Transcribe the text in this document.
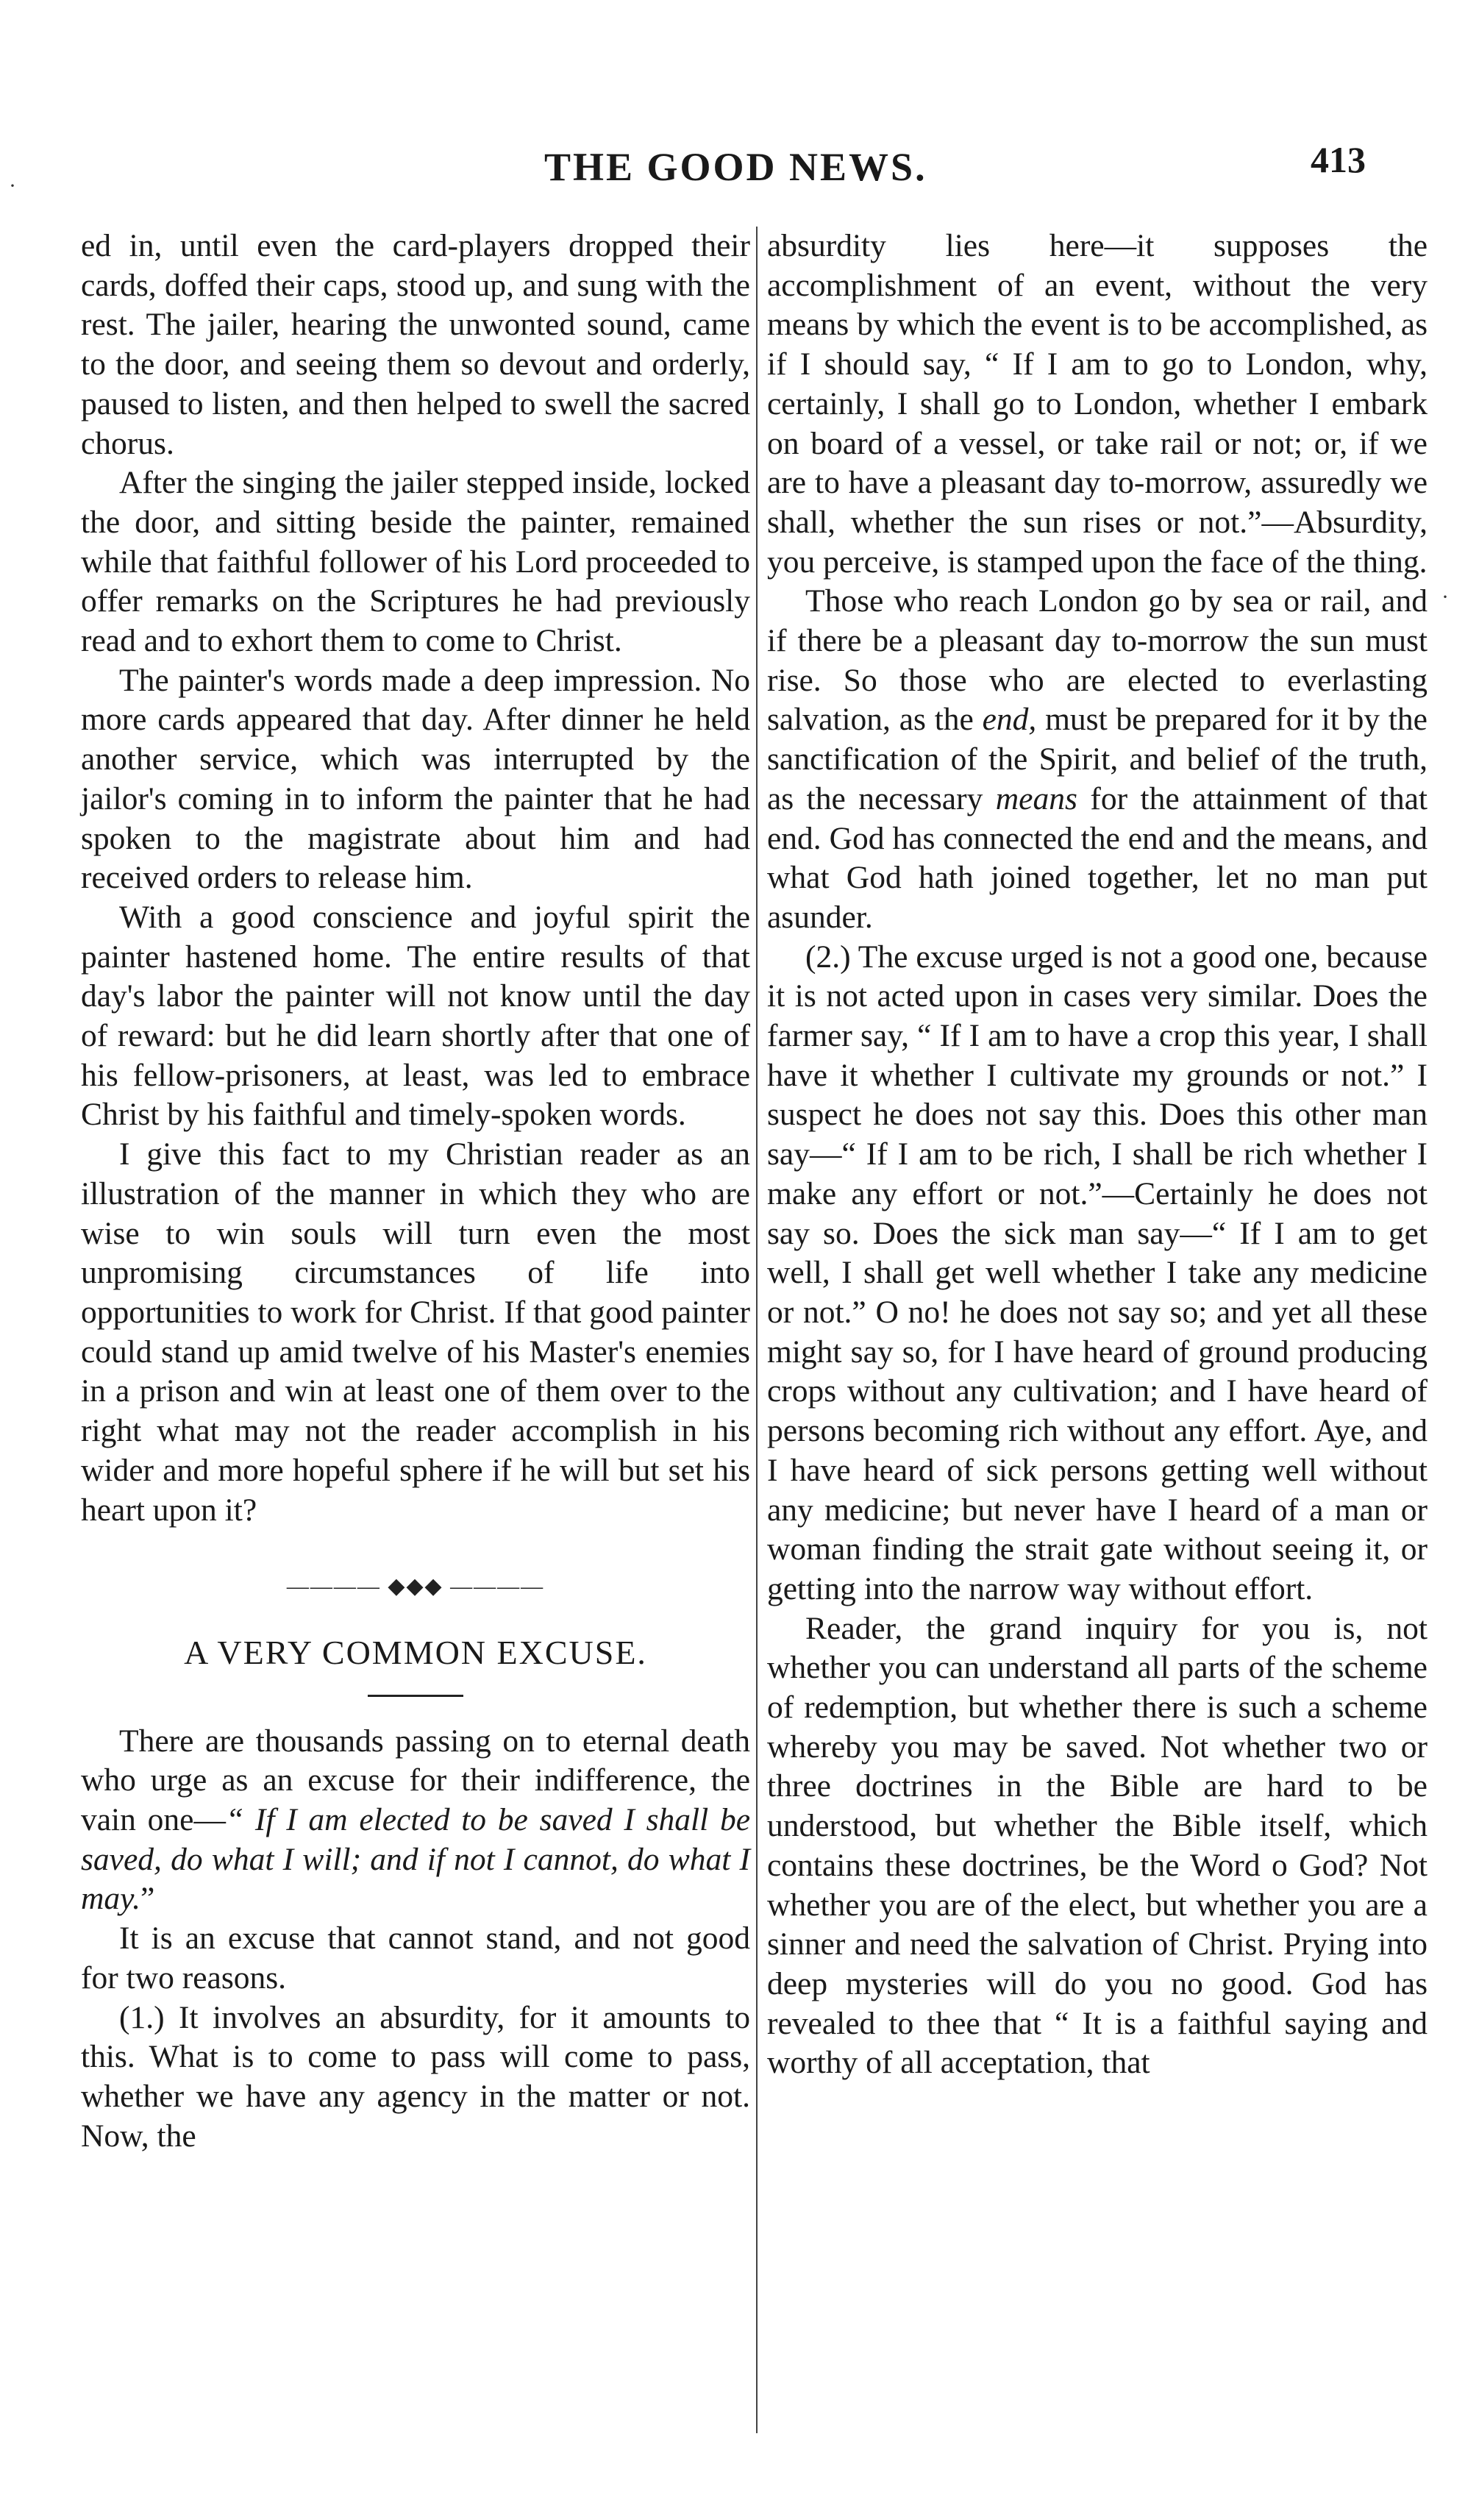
THE GOOD NEWS.	413

ed in, until even the card-players dropped their cards, doffed their caps, stood up, and sung with the rest. The jailer, hearing the unwonted sound, came to the door, and seeing them so devout and orderly, paused to listen, and then helped to swell the sacred chorus.

After the singing the jailer stepped inside, locked the door, and sitting beside the painter, remained while that faithful follower of his Lord proceeded to offer remarks on the Scriptures he had previously read and to exhort them to come to Christ.

The painter's words made a deep impression. No more cards appeared that day. After dinner he held another service, which was interrupted by the jailor's coming in to inform the painter that he had spoken to the magistrate about him and had received orders to release him.

With a good conscience and joyful spirit the painter hastened home. The entire results of that day's labor the painter will not know until the day of reward: but he did learn shortly after that one of his fellow-prisoners, at least, was led to embrace Christ by his faithful and timely-spoken words.

I give this fact to my Christian reader as an illustration of the manner in which they who are wise to win souls will turn even the most unpromising circumstances of life into opportunities to work for Christ. If that good painter could stand up amid twelve of his Master's enemies in a prison and win at least one of them over to the right what may not the reader accomplish in his wider and more hopeful sphere if he will but set his heart upon it?

———— ◆◆◆ ————
A VERY COMMON EXCUSE.

There are thousands passing on to eternal death who urge as an excuse for their indifference, the vain one—“ If I am elected to be saved I shall be saved, do what I will; and if not I cannot, do what I may.”

It is an excuse that cannot stand, and not good for two reasons.

(1.) It involves an absurdity, for it amounts to this. What is to come to pass will come to pass, whether we have any agency in the matter or not. Now, the

absurdity lies here—it supposes the accomplishment of an event, without the very means by which the event is to be accomplished, as if I should say, “ If I am to go to London, why, certainly, I shall go to London, whether I embark on board of a vessel, or take rail or not; or, if we are to have a pleasant day to-morrow, assuredly we shall, whether the sun rises or not.”—Absurdity, you perceive, is stamped upon the face of the thing.

Those who reach London go by sea or rail, and if there be a pleasant day to-morrow the sun must rise. So those who are elected to everlasting salvation, as the end, must be prepared for it by the sanctification of the Spirit, and belief of the truth, as the necessary means for the attainment of that end. God has connected the end and the means, and what God hath joined together, let no man put asunder.

(2.) The excuse urged is not a good one, because it is not acted upon in cases very similar. Does the farmer say, “ If I am to have a crop this year, I shall have it whether I cultivate my grounds or not.” I suspect he does not say this. Does this other man say—“ If I am to be rich, I shall be rich whether I make any effort or not.”—Certainly he does not say so. Does the sick man say—“ If I am to get well, I shall get well whether I take any medicine or not.” O no! he does not say so; and yet all these might say so, for I have heard of ground producing crops without any cultivation; and I have heard of persons becoming rich without any effort. Aye, and I have heard of sick persons getting well without any medicine; but never have I heard of a man or woman finding the strait gate without seeing it, or getting into the narrow way without effort.

Reader, the grand inquiry for you is, not whether you can understand all parts of the scheme of redemption, but whether there is such a scheme whereby you may be saved. Not whether two or three doctrines in the Bible are hard to be understood, but whether the Bible itself, which contains these doctrines, be the Word o God? Not whether you are of the elect, but whether you are a sinner and need the salvation of Christ. Prying into deep mysteries will do you no good. God has revealed to thee that “ It is a faithful saying and worthy of all acceptation, that

·
·
